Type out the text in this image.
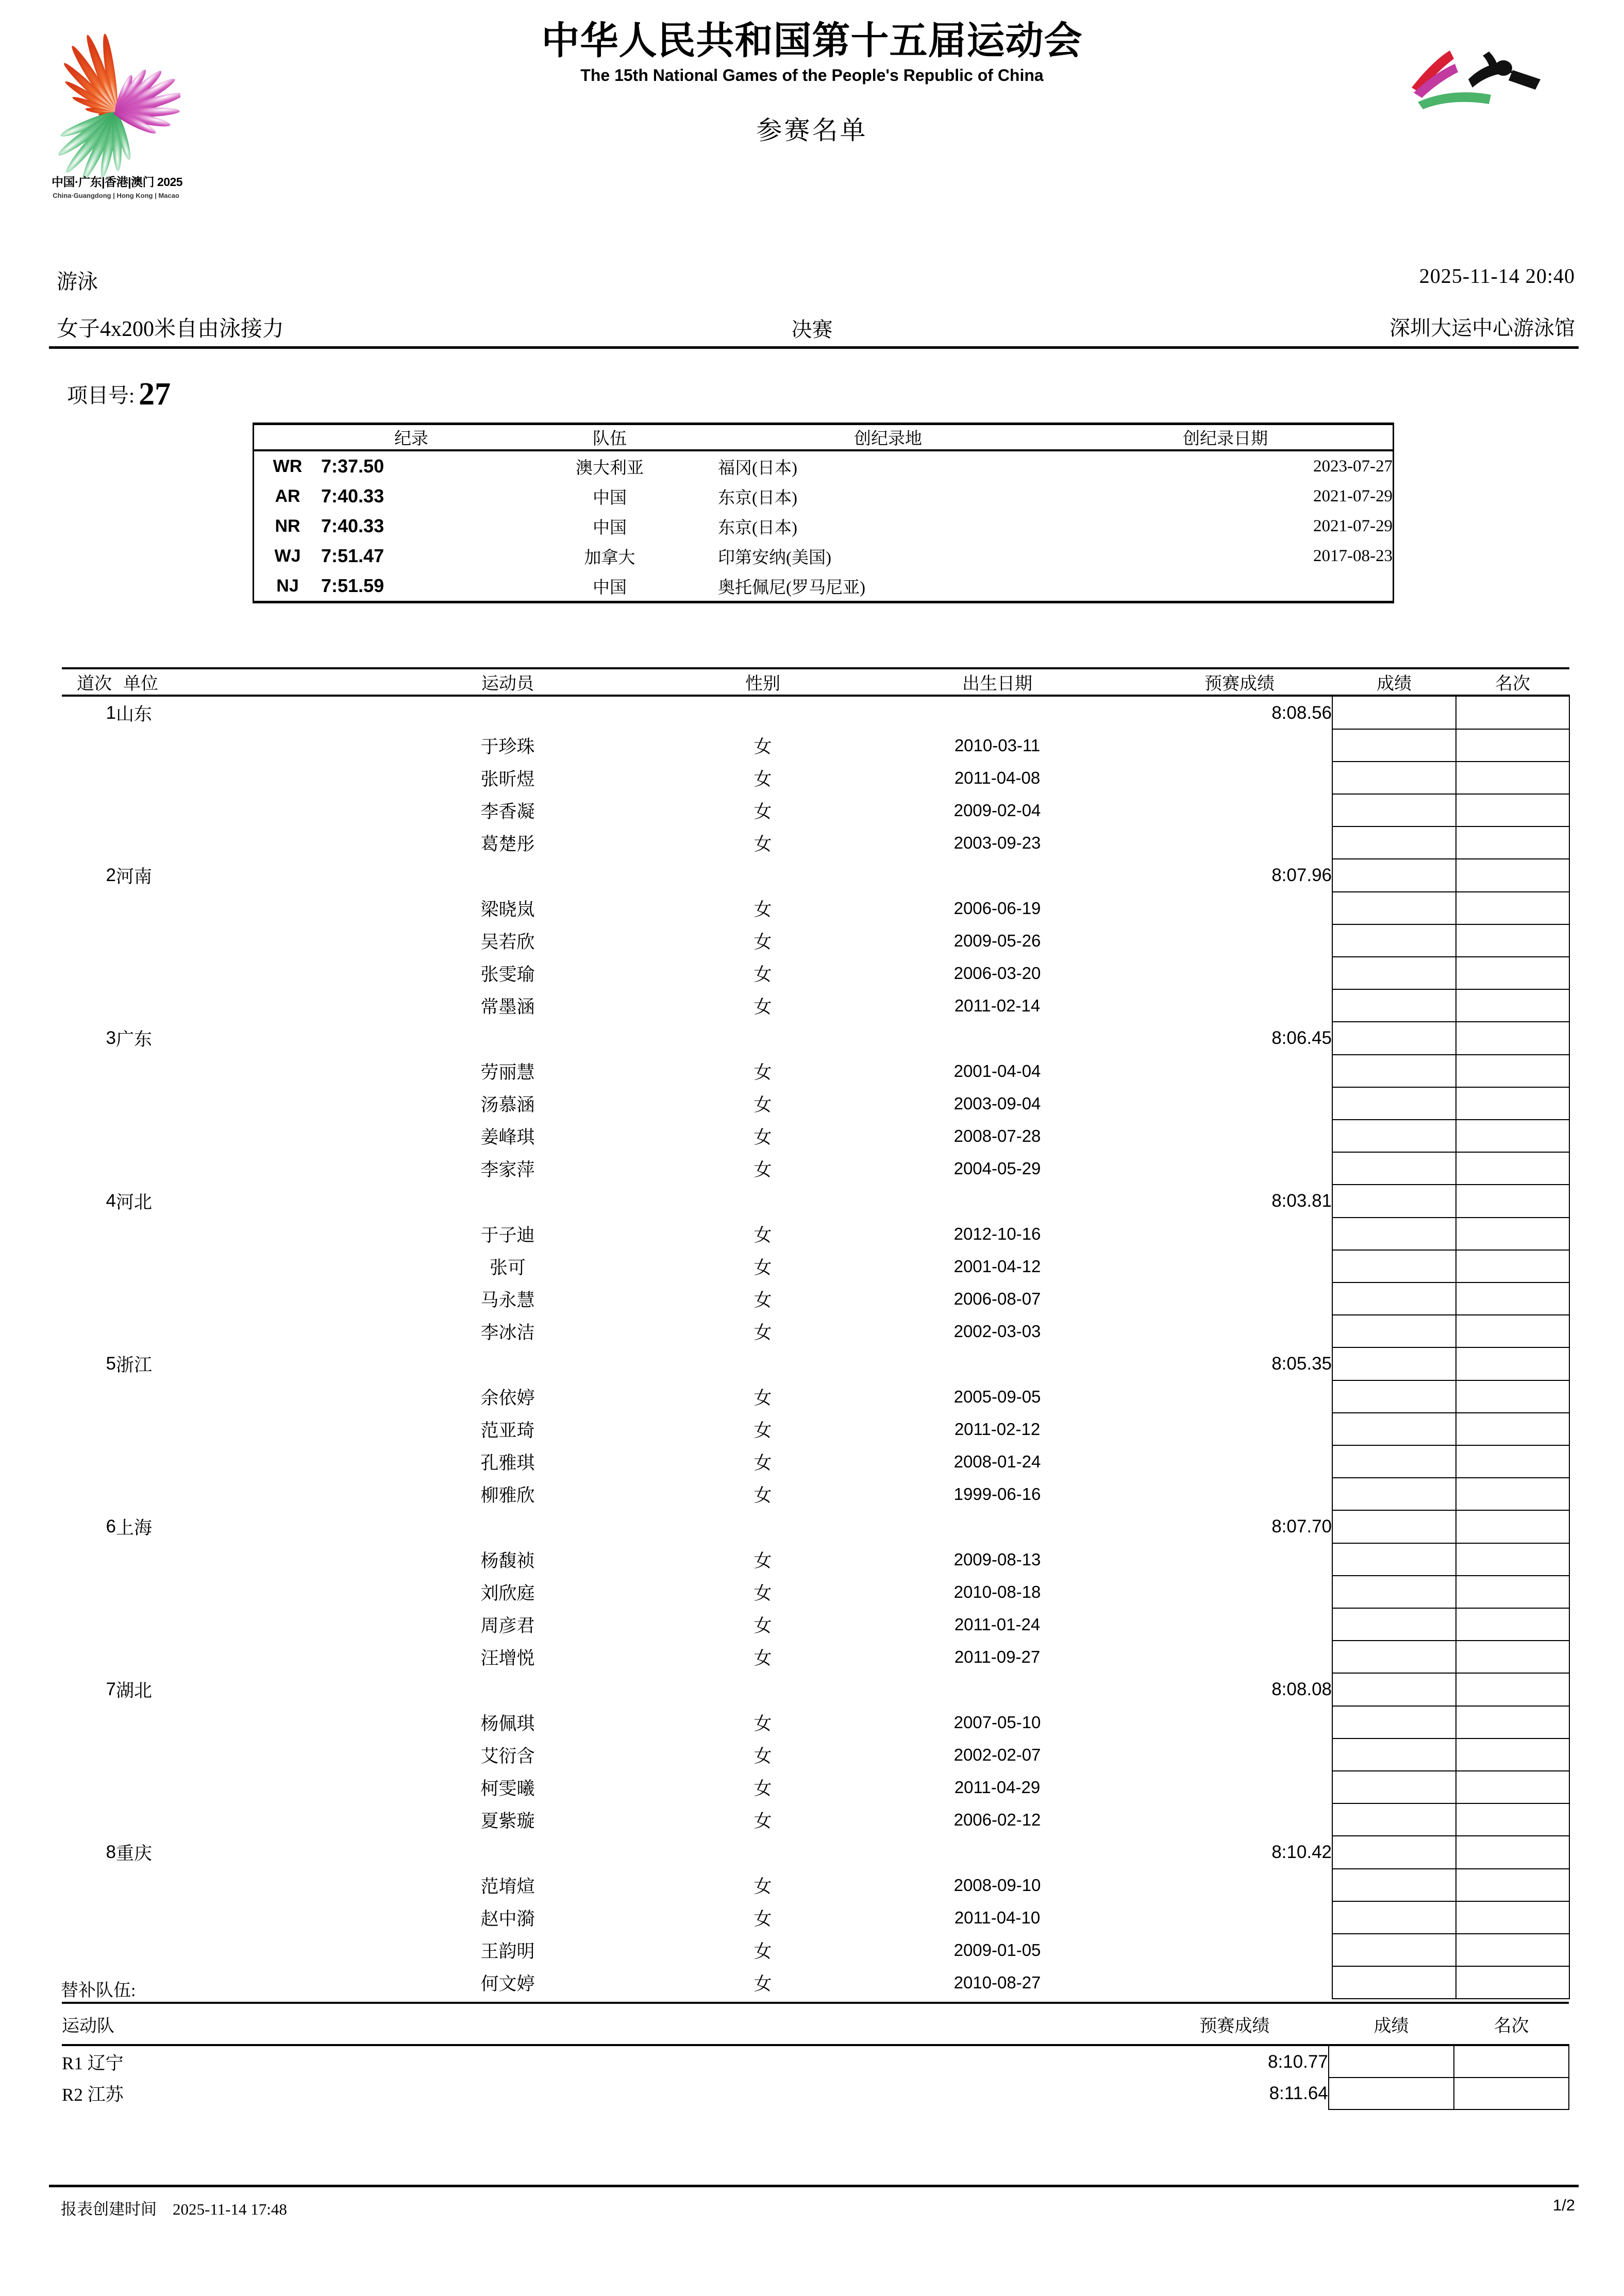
中国·广东|香港|澳门 2025
China·Guangdong | Hong Kong | Macao
中华人民共和国第十五届运动会
The 15th National Games of the People's Republic of China
参赛名单
游泳	2025-11-14 20:40
女子4x200米自由泳接力	决赛	深圳大运中心游泳馆
项目号: 27
	纪录	队伍	创纪录地	创纪录日期
WR	7:37.50	澳大利亚	福冈(日本)	2023-07-27
AR	7:40.33	中国	东京(日本)	2021-07-29
NR	7:40.33	中国	东京(日本)	2021-07-29
WJ	7:51.47	加拿大	印第安纳(美国)	2017-08-23
NJ	7:51.59	中国	奥托佩尼(罗马尼亚)	
道次	单位	运动员	性别	出生日期	预赛成绩	成绩	名次
1	山东				8:08.56		
		于珍珠	女	2010-03-11			
		张昕煜	女	2011-04-08			
		李香凝	女	2009-02-04			
		葛楚彤	女	2003-09-23			
2	河南				8:07.96		
		梁晓岚	女	2006-06-19			
		吴若欣	女	2009-05-26			
		张雯瑜	女	2006-03-20			
		常墨涵	女	2011-02-14			
3	广东				8:06.45		
		劳丽慧	女	2001-04-04			
		汤慕涵	女	2003-09-04			
		姜峰琪	女	2008-07-28			
		李家萍	女	2004-05-29			
4	河北				8:03.81		
		于子迪	女	2012-10-16			
		张可	女	2001-04-12			
		马永慧	女	2006-08-07			
		李冰洁	女	2002-03-03			
5	浙江				8:05.35		
		余依婷	女	2005-09-05			
		范亚琦	女	2011-02-12			
		孔雅琪	女	2008-01-24			
		柳雅欣	女	1999-06-16			
6	上海				8:07.70		
		杨馥祯	女	2009-08-13			
		刘欣庭	女	2010-08-18			
		周彦君	女	2011-01-24			
		汪增悦	女	2011-09-27			
7	湖北				8:08.08		
		杨佩琪	女	2007-05-10			
		艾衍含	女	2002-02-07			
		柯雯曦	女	2011-04-29			
		夏紫璇	女	2006-02-12			
8	重庆				8:10.42		
		范堉煊	女	2008-09-10			
		赵中漪	女	2011-04-10			
		王韵明	女	2009-01-05			
		何文婷	女	2010-08-27			
替补队伍:
运动队	预赛成绩	成绩	名次
R1 辽宁	8:10.77		
R2 江苏	8:11.64		
报表创建时间 2025-11-14 17:48	1/2
